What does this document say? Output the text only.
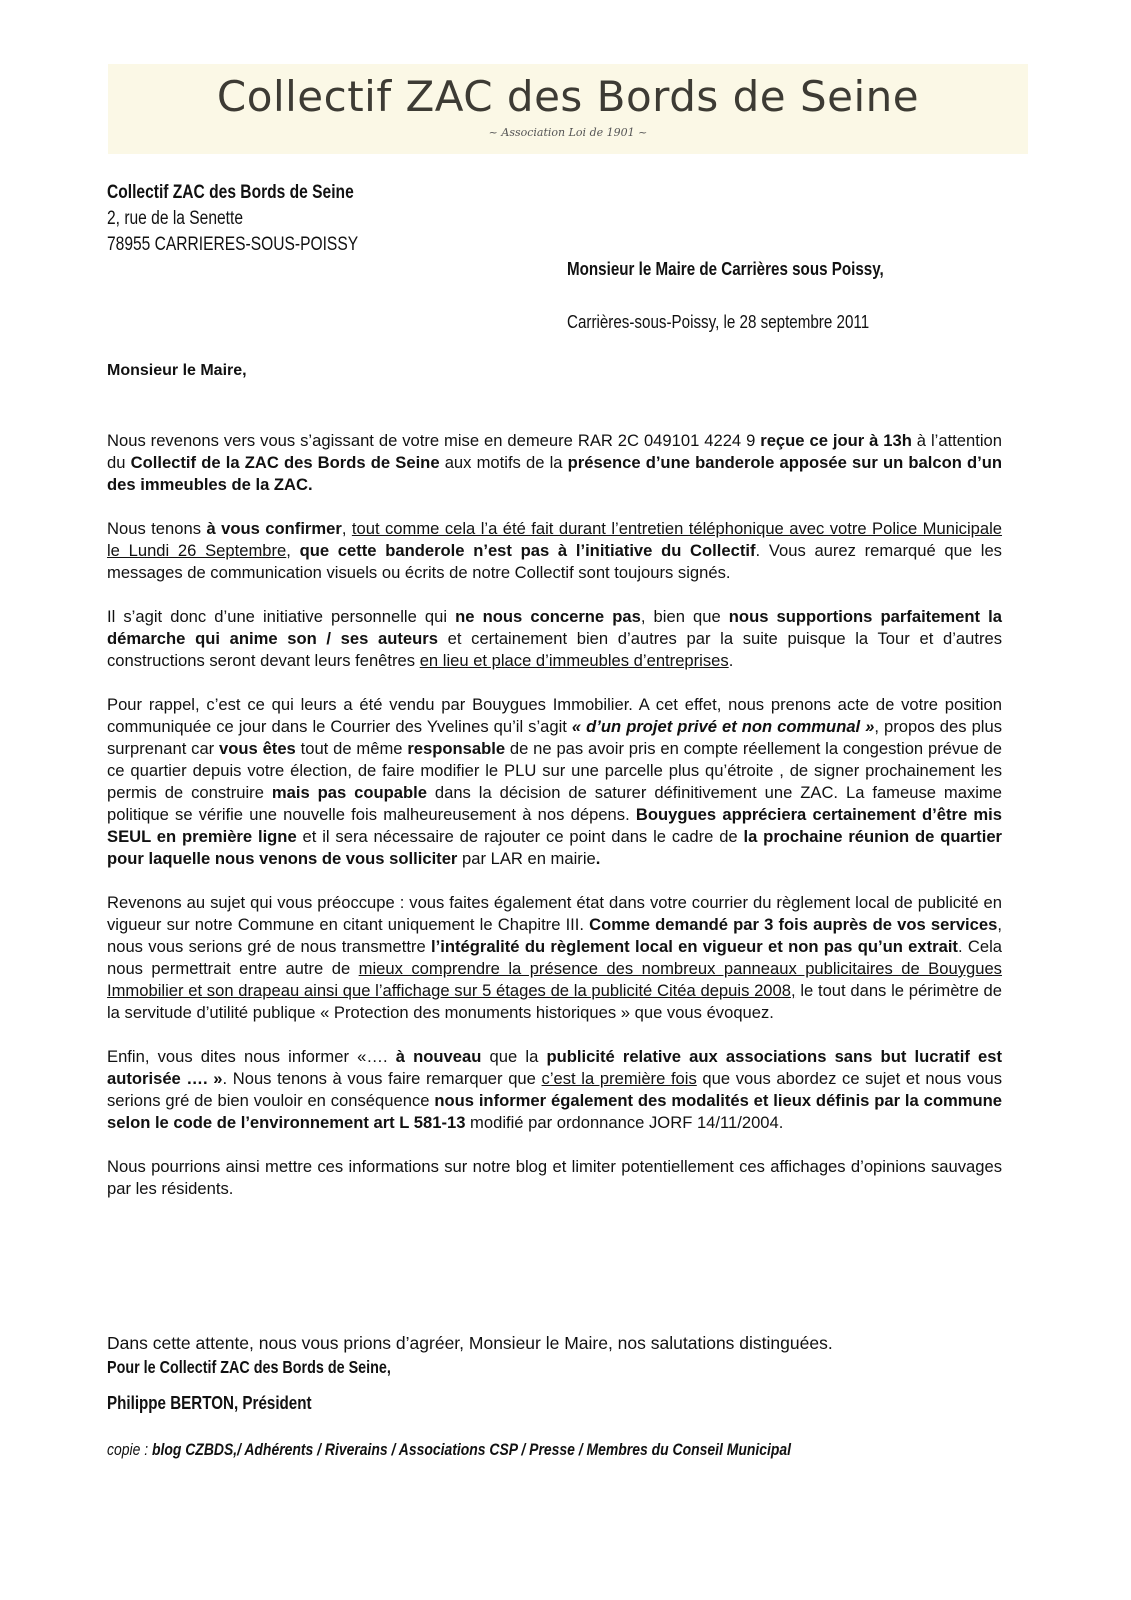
Collectif ZAC des Bords de Seine
~ Association Loi de 1901 ~
Collectif ZAC des Bords de Seine
2, rue de la Senette
78955 CARRIERES-SOUS-POISSY
Monsieur le Maire de Carrières sous Poissy,
Carrières-sous-Poissy, le 28 septembre 2011
Monsieur le Maire,

Nous revenons vers vous s’agissant de votre mise en demeure RAR 2C 049101 4224 9 reçue ce jour à 13h à l’attention du Collectif de la ZAC des Bords de Seine aux motifs de la présence d’une banderole apposée sur un balcon d’un des immeubles de la ZAC.

Nous tenons à vous confirmer, tout comme cela l’a été fait durant l’entretien téléphonique avec votre Police Municipale le Lundi 26 Septembre, que cette banderole n’est pas à l’initiative du Collectif. Vous aurez remarqué que les messages de communication visuels ou écrits de notre Collectif sont toujours signés.

Il s’agit donc d’une initiative personnelle qui ne nous concerne pas, bien que nous supportions parfaitement la démarche qui anime son / ses auteurs et certainement bien d’autres par la suite puisque la Tour et d’autres constructions seront devant leurs fenêtres en lieu et place d’immeubles d’entreprises.

Pour rappel, c’est ce qui leurs a été vendu par Bouygues Immobilier. A cet effet, nous prenons acte de votre position communiquée ce jour dans le Courrier des Yvelines qu’il s’agit « d’un projet privé et non communal », propos des plus surprenant car vous êtes tout de même responsable de ne pas avoir pris en compte réellement la congestion prévue de ce quartier depuis votre élection, de faire modifier le PLU sur une parcelle plus qu’étroite , de signer prochainement les permis de construire mais pas coupable dans la décision de saturer définitivement une ZAC. La fameuse maxime politique se vérifie une nouvelle fois malheureusement à nos dépens. Bouygues appréciera certainement d’être mis SEUL en première ligne et il sera nécessaire de rajouter ce point dans le cadre de la prochaine réunion de quartier pour laquelle nous venons de vous solliciter par LAR en mairie.

Revenons au sujet qui vous préoccupe : vous faites également état dans votre courrier du règlement local de publicité en vigueur sur notre Commune en citant uniquement le Chapitre III. Comme demandé par 3 fois auprès de vos services, nous vous serions gré de nous transmettre l’intégralité du règlement local en vigueur et non pas qu’un extrait. Cela nous permettrait entre autre de mieux comprendre la présence des nombreux panneaux publicitaires de Bouygues Immobilier et son drapeau ainsi que l’affichage sur 5 étages de la publicité Citéa depuis 2008, le tout dans le périmètre de la servitude d’utilité publique « Protection des monuments historiques » que vous évoquez.

Enfin, vous dites nous informer «…. à nouveau que la publicité relative aux associations sans but lucratif est autorisée …. ». Nous tenons à vous faire remarquer que c’est la première fois que vous abordez ce sujet et nous vous serions gré de bien vouloir en conséquence nous informer également des modalités et lieux définis par la commune selon le code de l’environnement art L 581-13 modifié par ordonnance JORF 14/11/2004.

Nous pourrions ainsi mettre ces informations sur notre blog et limiter potentiellement ces affichages d’opinions sauvages par les résidents.

Dans cette attente, nous vous prions d’agréer, Monsieur le Maire, nos salutations distinguées.
Pour le Collectif ZAC des Bords de Seine,
Philippe BERTON, Président
copie : blog CZBDS,/ Adhérents / Riverains / Associations CSP / Presse / Membres du Conseil Municipal
